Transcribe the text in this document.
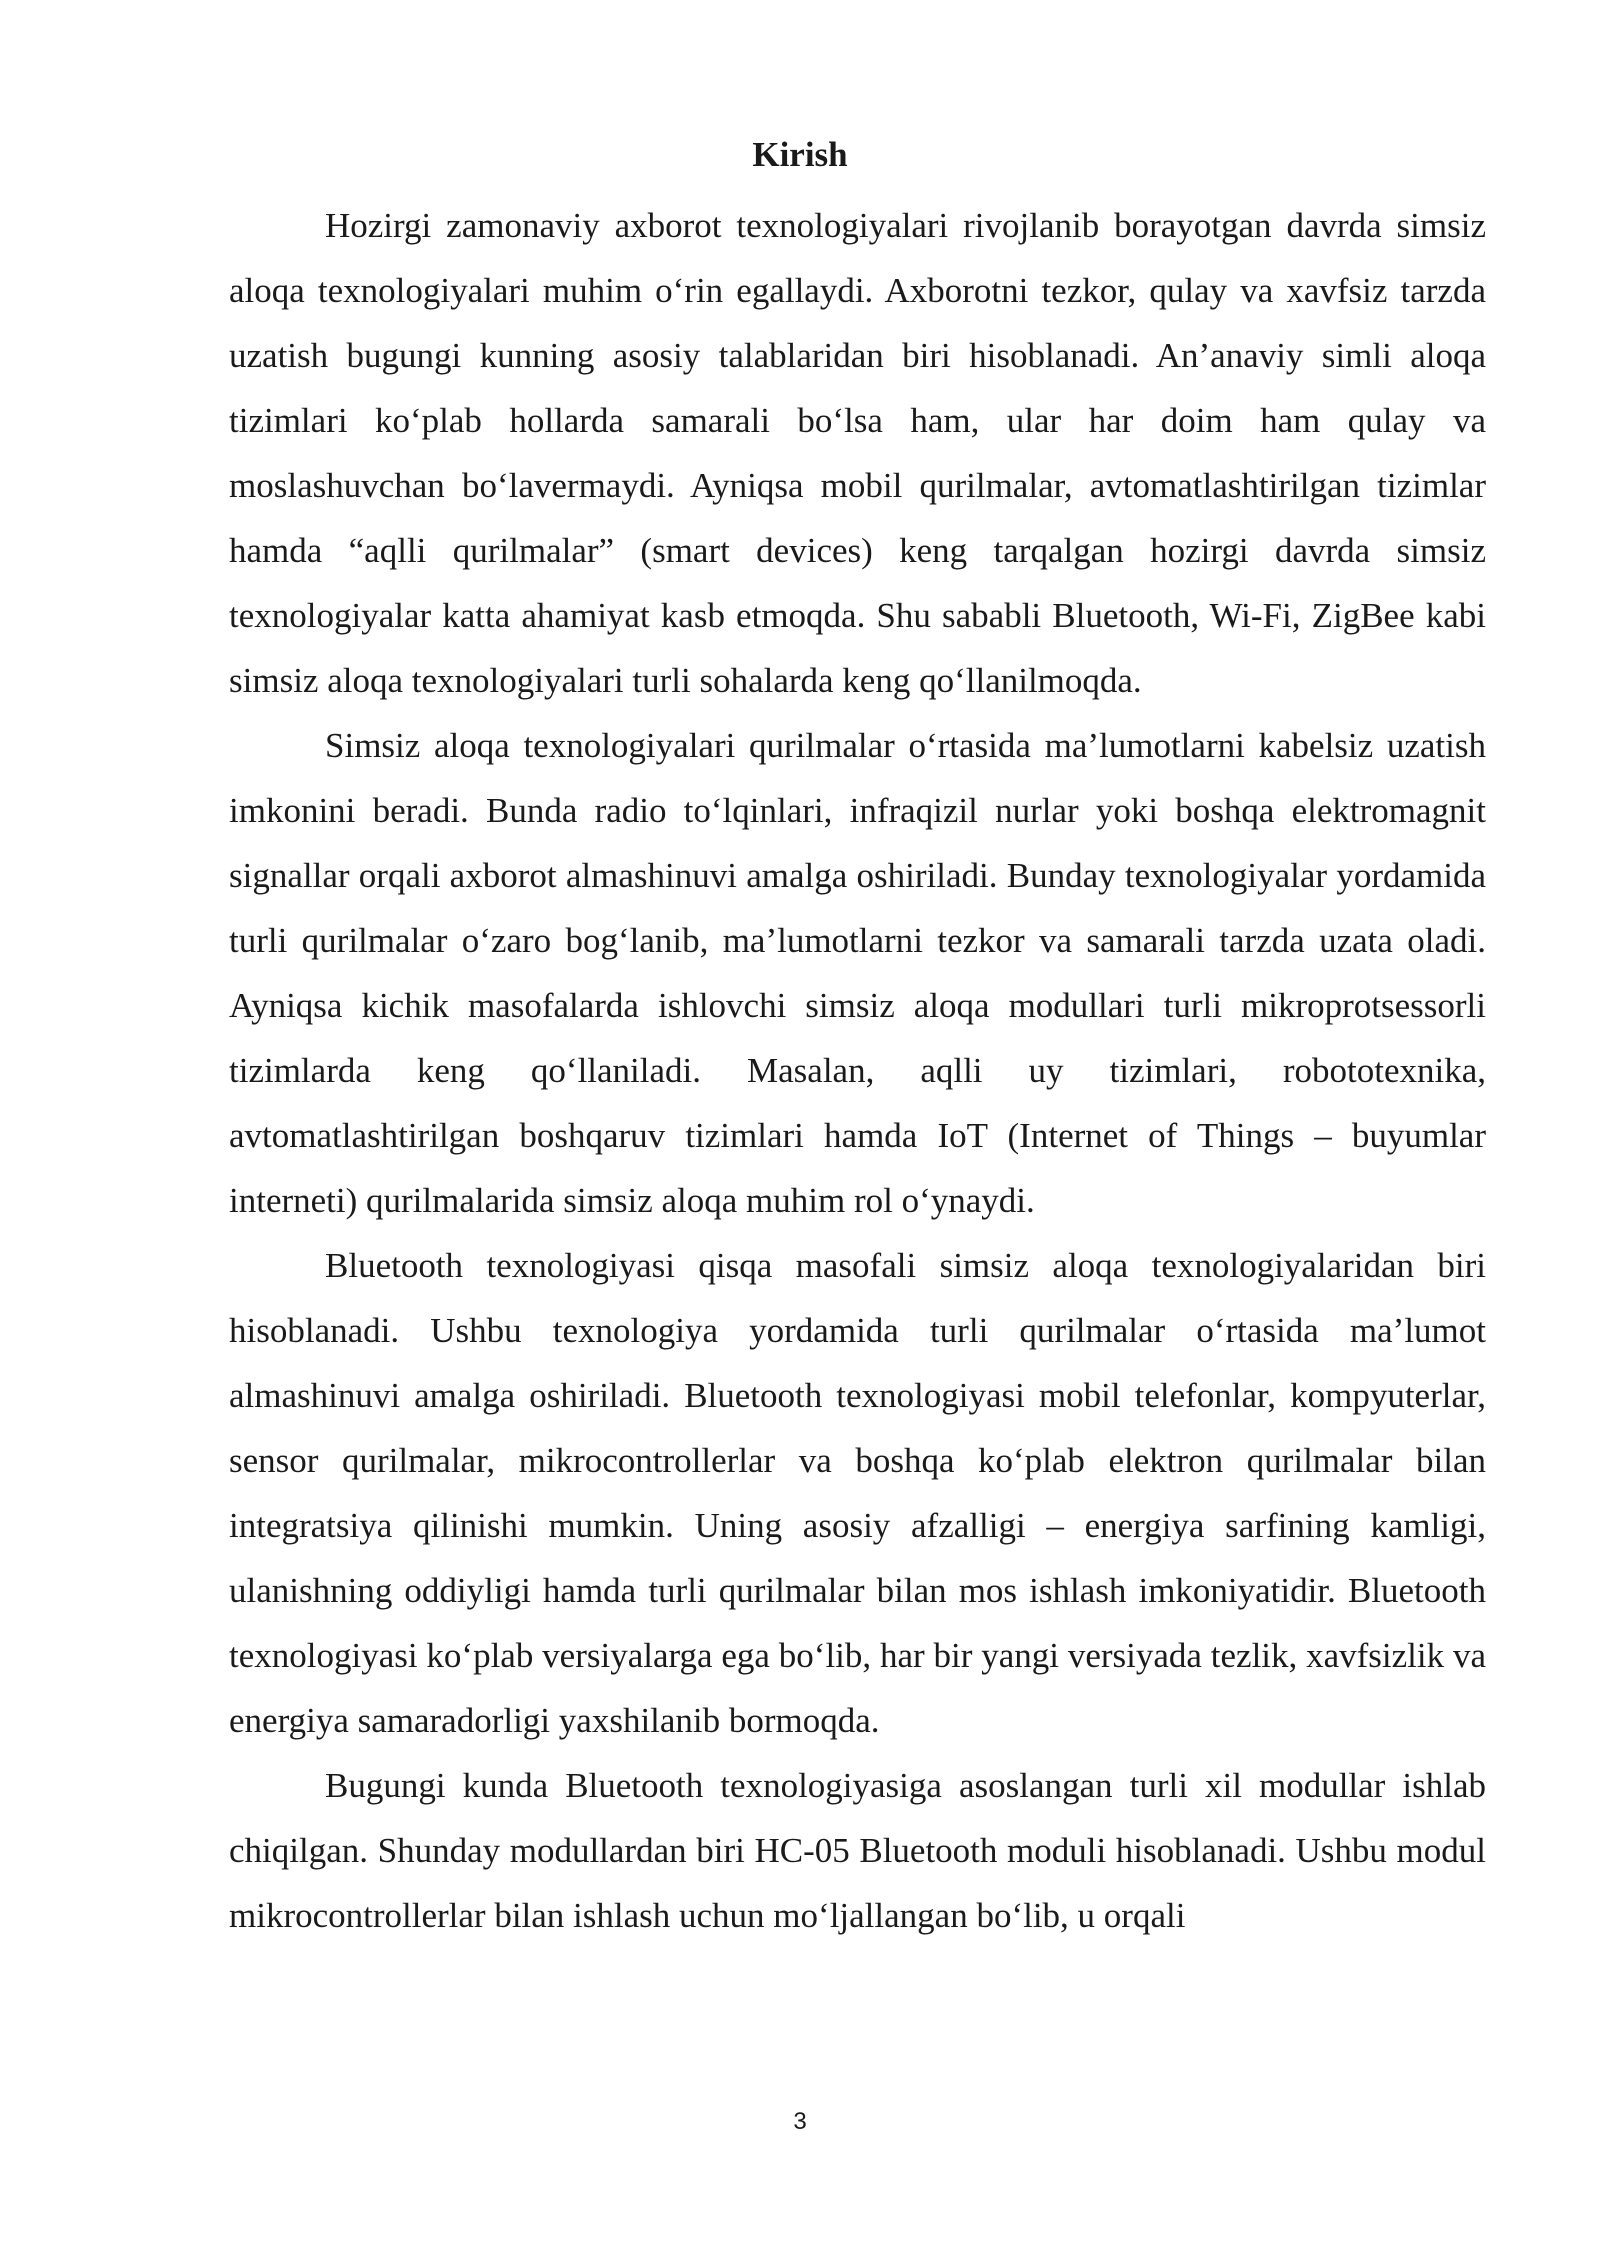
Kirish

Hozirgi zamonaviy axborot texnologiyalari rivojlanib borayotgan davrda simsiz aloqa texnologiyalari muhim o‘rin egallaydi. Axborotni tezkor, qulay va xavfsiz tarzda uzatish bugungi kunning asosiy talablaridan biri hisoblanadi. An’anaviy simli aloqa tizimlari ko‘plab hollarda samarali bo‘lsa ham, ular har doim ham qulay va moslashuvchan bo‘lavermaydi. Ayniqsa mobil qurilmalar, avtomatlashtirilgan tizimlar hamda “aqlli qurilmalar” (smart devices) keng tarqalgan hozirgi davrda simsiz texnologiyalar katta ahamiyat kasb etmoqda. Shu sababli Bluetooth, Wi-Fi, ZigBee kabi simsiz aloqa texnologiyalari turli sohalarda keng qo‘llanilmoqda.

Simsiz aloqa texnologiyalari qurilmalar o‘rtasida ma’lumotlarni kabelsiz uzatish imkonini beradi. Bunda radio to‘lqinlari, infraqizil nurlar yoki boshqa elektromagnit signallar orqali axborot almashinuvi amalga oshiriladi. Bunday texnologiyalar yordamida turli qurilmalar o‘zaro bog‘lanib, ma’lumotlarni tezkor va samarali tarzda uzata oladi. Ayniqsa kichik masofalarda ishlovchi simsiz aloqa modullari turli mikroprotsessorli tizimlarda keng qo‘llaniladi. Masalan, aqlli uy tizimlari, robototexnika, avtomatlashtirilgan boshqaruv tizimlari hamda IoT (Internet of Things – buyumlar interneti) qurilmalarida simsiz aloqa muhim rol o‘ynaydi.

Bluetooth texnologiyasi qisqa masofali simsiz aloqa texnologiyalaridan biri hisoblanadi. Ushbu texnologiya yordamida turli qurilmalar o‘rtasida ma’lumot almashinuvi amalga oshiriladi. Bluetooth texnologiyasi mobil telefonlar, kompyuterlar, sensor qurilmalar, mikrocontrollerlar va boshqa ko‘plab elektron qurilmalar bilan integratsiya qilinishi mumkin. Uning asosiy afzalligi – energiya sarfining kamligi, ulanishning oddiyligi hamda turli qurilmalar bilan mos ishlash imkoniyatidir. Bluetooth texnologiyasi ko‘plab versiyalarga ega bo‘lib, har bir yangi versiyada tezlik, xavfsizlik va energiya samaradorligi yaxshilanib bormoqda.

Bugungi kunda Bluetooth texnologiyasiga asoslangan turli xil modullar ishlab chiqilgan. Shunday modullardan biri HC-05 Bluetooth moduli hisoblanadi. Ushbu modul mikrocontrollerlar bilan ishlash uchun mo‘ljallangan bo‘lib, u orqali

3
